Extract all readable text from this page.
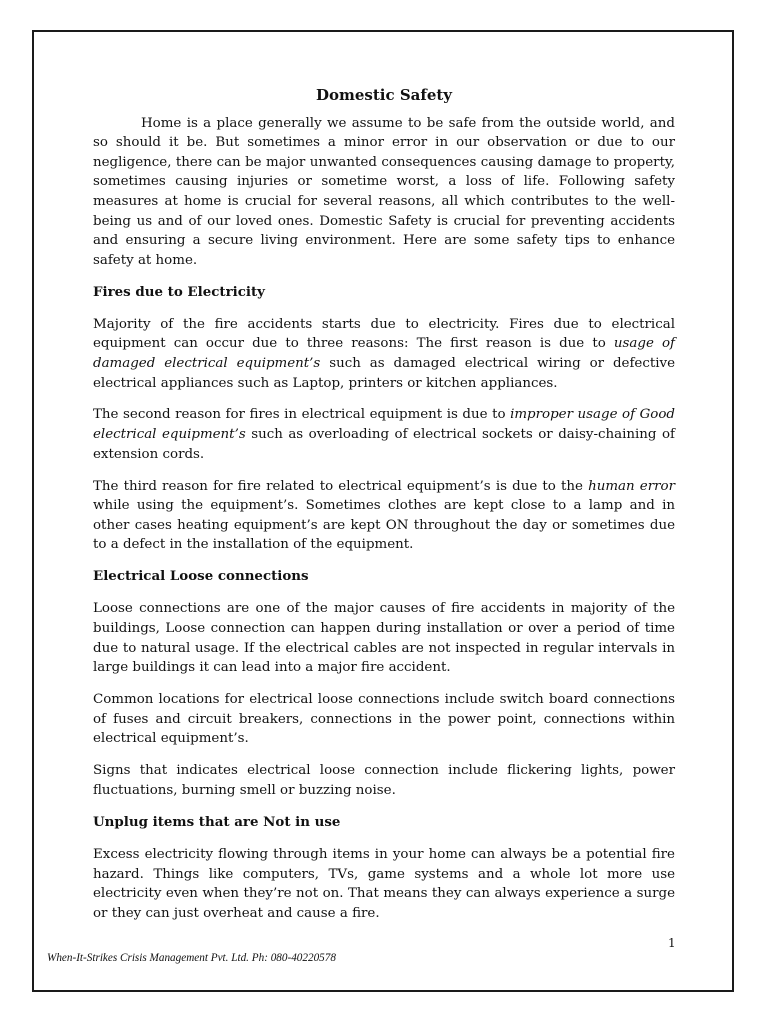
Domestic Safety

Home is a place generally we assume to be safe from the outside world, and so should it be. But sometimes a minor error in our observation or due to our negligence, there can be major unwanted consequences causing damage to property, sometimes causing injuries or sometime worst, a loss of life. Following safety measures at home is crucial for several reasons, all which contributes to the well-being us and of our loved ones. Domestic Safety is crucial for preventing accidents and ensuring a secure living environment. Here are some safety tips to enhance safety at home.

Fires due to Electricity

Majority of the fire accidents starts due to electricity. Fires due to electrical equipment can occur due to three reasons: The first reason is due to usage of damaged electrical equipment’s such as damaged electrical wiring or defective electrical appliances such as Laptop, printers or kitchen appliances.

The second reason for fires in electrical equipment is due to improper usage of Good electrical equipment’s such as overloading of electrical sockets or daisy-chaining of extension cords.

The third reason for fire related to electrical equipment’s is due to the human error while using the equipment’s. Sometimes clothes are kept close to a lamp and in other cases heating equipment’s are kept ON throughout the day or sometimes due to a defect in the installation of the equipment.

Electrical Loose connections

Loose connections are one of the major causes of fire accidents in majority of the buildings, Loose connection can happen during installation or over a period of time due to natural usage. If the electrical cables are not inspected in regular intervals in large buildings it can lead into a major fire accident.

Common locations for electrical loose connections include switch board connections of fuses and circuit breakers, connections in the power point, connections within electrical equipment’s.

Signs that indicates electrical loose connection include flickering lights, power fluctuations, burning smell or buzzing noise.

Unplug items that are Not in use

Excess electricity flowing through items in your home can always be a potential fire hazard. Things like computers, TVs, game systems and a whole lot more use electricity even when they’re not on. That means they can always experience a surge or they can just overheat and cause a fire.

1
When-It-Strikes Crisis Management Pvt. Ltd. Ph: 080-40220578
